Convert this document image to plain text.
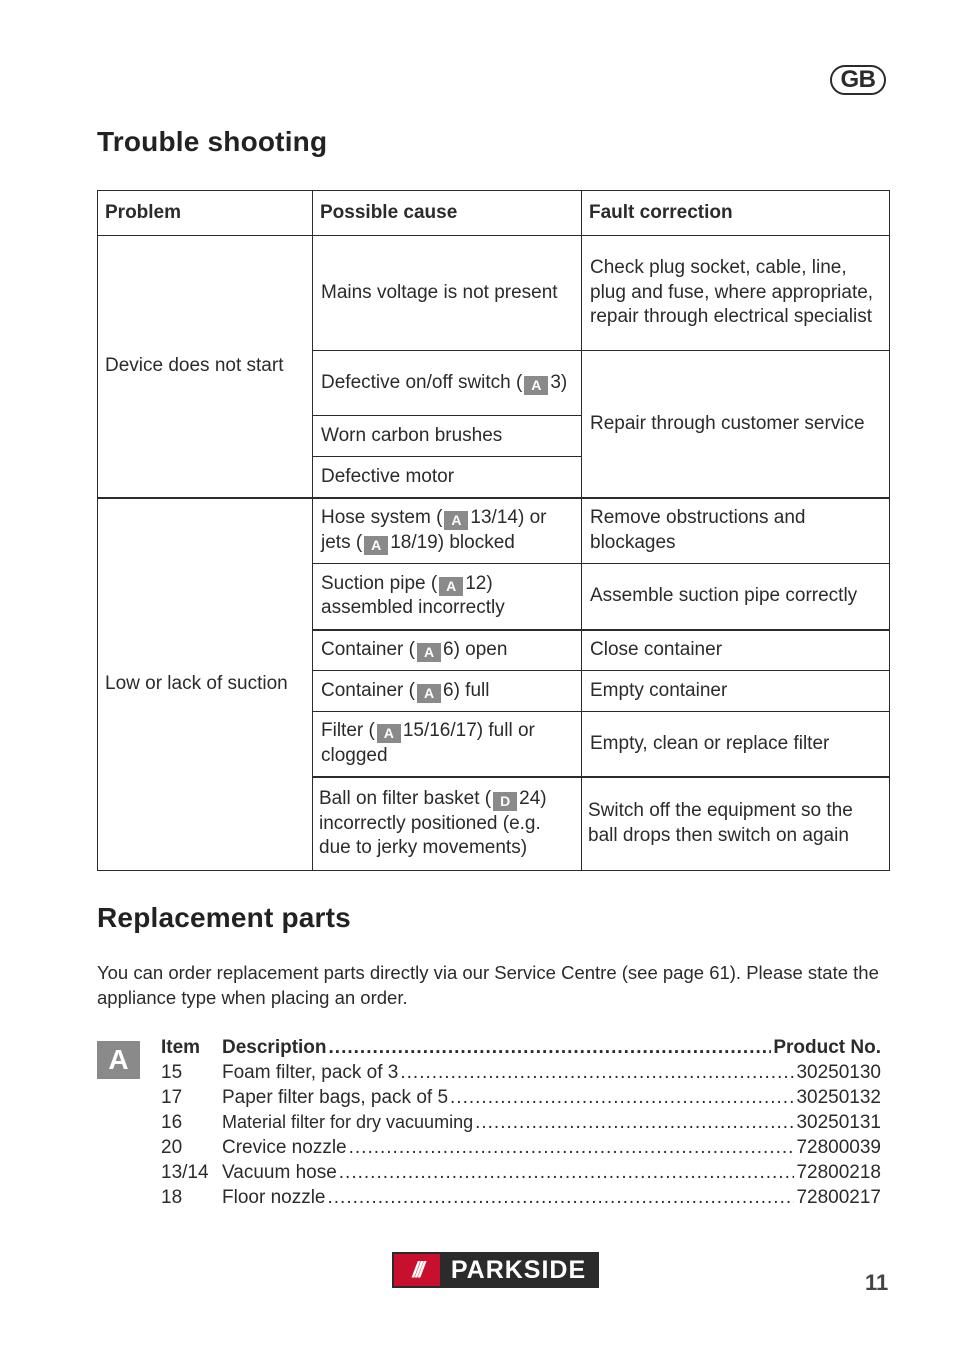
GB
Trouble shooting
Problem	Possible cause	Fault correction
Device does not start	Mains voltage is not present	Check plug socket, cable, line, plug and fuse, where appropriate, repair through electrical specialist
	Defective on/off switch ( A 3)	Repair through customer service
	Worn carbon brushes	
	Defective motor	
Low or lack of suction	Hose system ( A 13/14) or jets ( A 18/19) blocked	Remove obstructions and blockages
	Suction pipe ( A 12) assembled incorrectly	Assemble suction pipe correctly
	Container ( A 6) open	Close container
	Container ( A 6) full	Empty container
	Filter ( A 15/16/17) full or clogged	Empty, clean or replace filter
	Ball on filter basket ( D 24) incorrectly positioned (e.g. due to jerky movements)	Switch off the equipment so the ball drops then switch on again
Replacement parts

You can order replacement parts directly via our Service Centre (see page 61). Please state the appliance type when placing an order.

A	Item	Description .....	Product No.
15	Foam filter, pack of 3 .....	30250130
17	Paper filter bags, pack of 5 .....	30250132
16	Material filter for dry vacuuming .....	30250131
20	Crevice nozzle .....	72800039
13/14 Vacuum hose .....	72800218
18	Floor nozzle .....	72800217
///	PARKSIDE	11
